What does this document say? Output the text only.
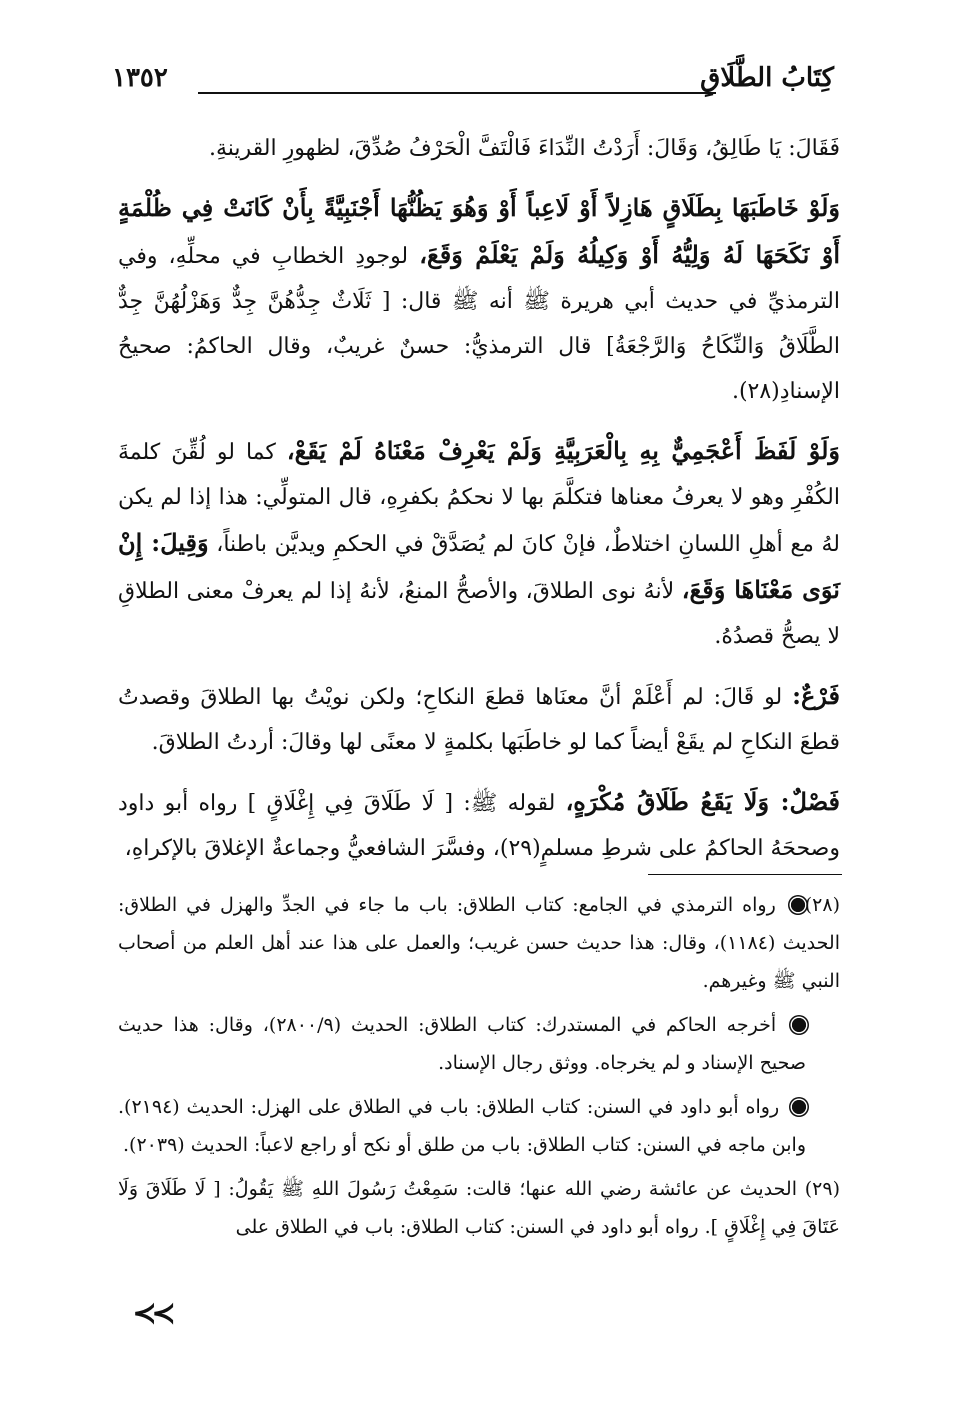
كِتَابُ الطَّلَاقِ
١٣٥٢

فَقَالَ: يَا طَالِقُ، وَقَالَ: أَرَدْتُ النِّدَاءَ فَالْتَفَّ الْحَرْفُ صُدِّقَ، لظهورِ القرينةِ.

وَلَوْ خَاطَبَهَا بِطَلَاقٍ هَازِلاً أَوْ لَاعِباً أَوْ وَهُوَ يَظُنُّهَا أَجْنَبِيَّةً بِأَنْ كَانَتْ فِي ظُلْمَةٍ أَوْ نَكَحَهَا لَهُ وَلِيُّهُ أَوْ وَكِيلُهُ وَلَمْ يَعْلَمْ وَقَعَ، لوجودِ الخطابِ في محلِّهِ، وفي الترمذيِّ في حديث أبي هريرة ﷺ أنه ﷺ قال: [ ثَلَاثٌ جِدُّهُنَّ جِدٌّ وَهَزْلُهُنَّ جِدٌّ الطَّلَاقُ وَالنِّكَاحُ وَالرَّجْعَةُ] قال الترمذيُّ: حسنٌ غريبٌ، وقال الحاكمُ: صحيحُ الإسنادِ(٢٨).

وَلَوْ لَفَظَ أَعْجَمِيٌّ بِهِ بِالْعَرَبِيَّةِ وَلَمْ يَعْرِفْ مَعْنَاهُ لَمْ يَقَعْ، كما لو لُقِّنَ كلمةَ الكُفْرِ وهو لا يعرفُ معناها فتكلَّمَ بها لا نحكمُ بكفرِهِ، قال المتولِّي: هذا إذا لم يكن لهُ مع أهلِ اللسانِ اختلاطٌ، فإنْ كانَ لم يُصَدَّقْ في الحكمِ ويديَّن باطناً، وَقِيلَ: إِنْ نَوَى مَعْنَاهَا وَقَعَ، لأنهُ نوى الطلاقَ، والأصحُّ المنعُ، لأنهُ إذا لم يعرفْ معنى الطلاقِ لا يصحُّ قصدُهُ.

فَرْعٌ: لو قَالَ: لم أَعْلَمْ أنَّ معنَاها قطعَ النكاحِ؛ ولكن نويْتُ بها الطلاقَ وقصدتُ قطعَ النكاحِ لم يقَعْ أيضاً كما لو خاطَبَها بكلمةٍ لا معنًى لها وقالَ: أردتُ الطلاقَ.

فَصْلٌ: وَلَا يَقَعُ طَلَاقُ مُكْرَهٍ، لقوله ﷺ: [ لَا طَلَاقَ فِي إِغْلَاقٍ ] رواه أبو داود وصححَهُ الحاكمُ على شرطِ مسلمٍ(٢٩)، وفسَّرَ الشافعيُّ وجماعةٌ الإغلاقَ بالإكراهِ،

(٢٨) رواه الترمذي في الجامع: كتاب الطلاق: باب ما جاء في الجدِّ والهزل في الطلاق: الحديث (١١٨٤)، وقال: هذا حديث حسن غريب؛ والعمل على هذا عند أهل العلم من أصحاب النبي ﷺ وغيرهم.

أخرجه الحاكم في المستدرك: كتاب الطلاق: الحديث (٢٨٠٠/٩)، وقال: هذا حديث صحيح الإسناد و لم يخرجاه. ووثق رجال الإسناد.

رواه أبو داود في السنن: كتاب الطلاق: باب في الطلاق على الهزل: الحديث (٢١٩٤). وابن ماجه في السنن: كتاب الطلاق: باب من طلق أو نكح أو راجع لاعباً: الحديث (٢٠٣٩).

(٢٩) الحديث عن عائشة رضي الله عنها؛ قالت: سَمِعْتُ رَسُولَ اللهِ ﷺ يَقُولُ: [ لَا طَلَاقَ وَلَا عَتَاقَ فِي إِغْلَاقٍ ]. رواه أبو داود في السنن: كتاب الطلاق: باب في الطلاق على

≺≺
